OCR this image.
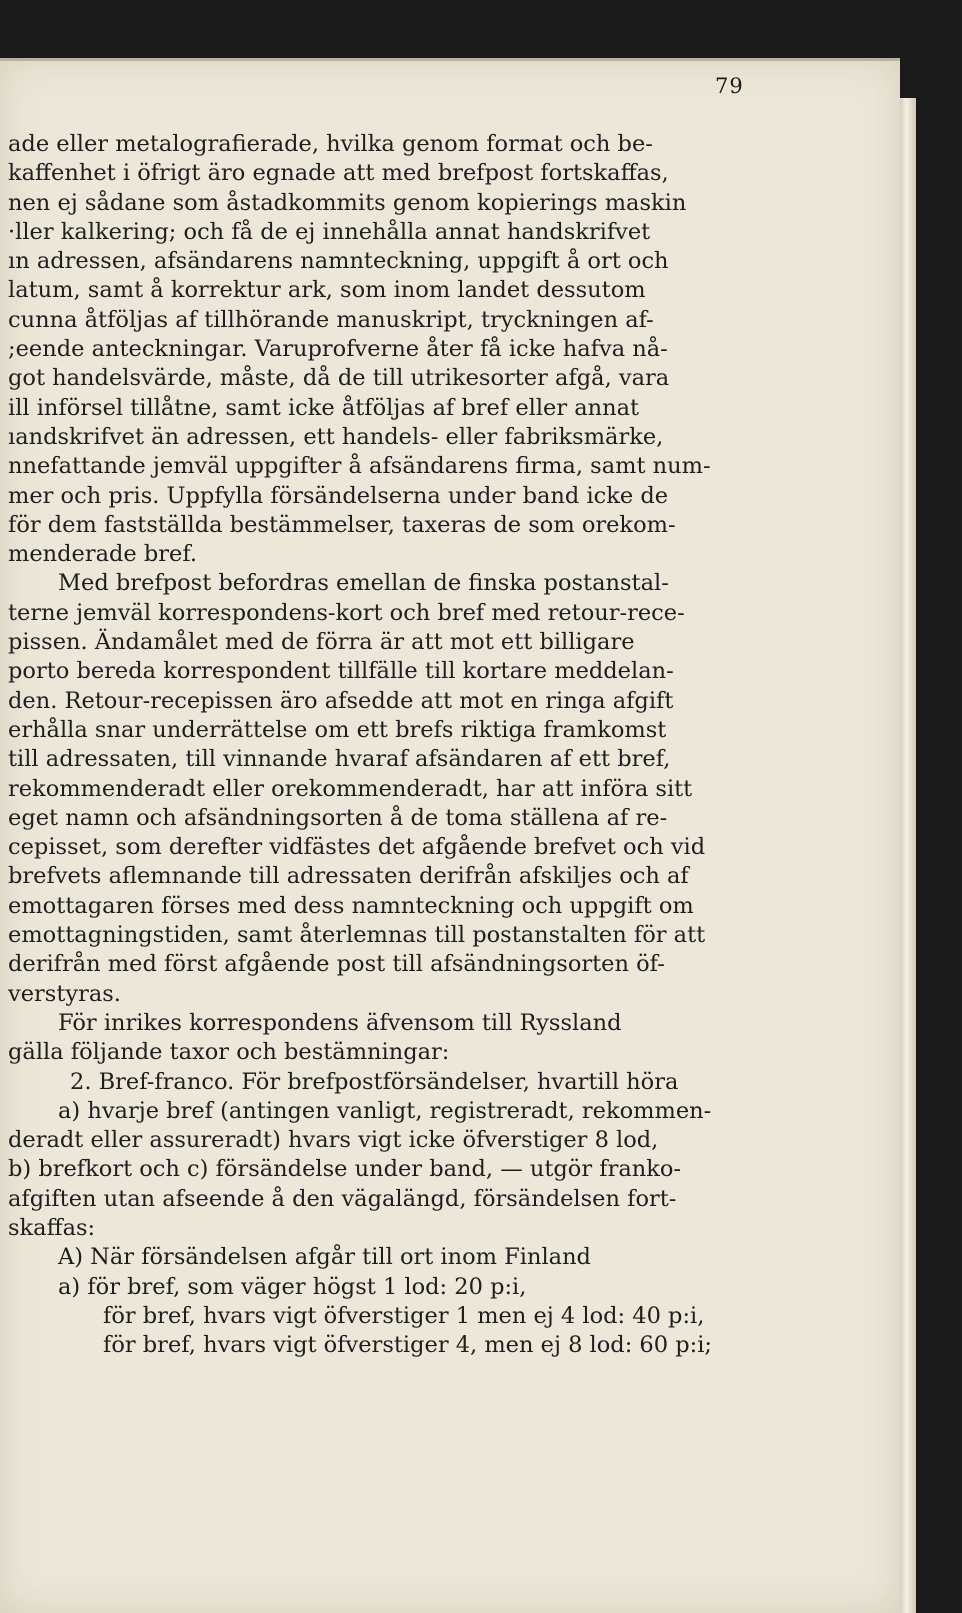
79
ade eller metalografierade, hvilka genom format och be-
kaffenhet i öfrigt äro egnade att med brefpost fortskaffas,
nen ej sådane som åstadkommits genom kopierings maskin
·ller kalkering; och få de ej innehålla annat handskrifvet
ın adressen, afsändarens namnteckning, uppgift å ort och
latum, samt å korrektur ark, som inom landet dessutom
cunna åtföljas af tillhörande manuskript, tryckningen af-
;eende anteckningar. Varuprofverne åter få icke hafva nå-
got handelsvärde, måste, då de till utrikesorter afgå, vara
ill införsel tillåtne, samt icke åtföljas af bref eller annat
ıandskrifvet än adressen, ett handels- eller fabriksmärke,
nnefattande jemväl uppgifter å afsändarens firma, samt num-
mer och pris. Uppfylla försändelserna under band icke de
för dem fastställda bestämmelser, taxeras de som orekom-
menderade bref.
Med brefpost befordras emellan de finska postanstal-
terne jemväl korrespondens-kort och bref med retour-rece-
pissen. Ändamålet med de förra är att mot ett billigare
porto bereda korrespondent tillfälle till kortare meddelan-
den. Retour-recepissen äro afsedde att mot en ringa afgift
erhålla snar underrättelse om ett brefs riktiga framkomst
till adressaten, till vinnande hvaraf afsändaren af ett bref,
rekommenderadt eller orekommenderadt, har att införa sitt
eget namn och afsändningsorten å de toma ställena af re-
cepisset, som derefter vidfästes det afgående brefvet och vid
brefvets aflemnande till adressaten derifrån afskiljes och af
emottagaren förses med dess namnteckning och uppgift om
emottagningstiden, samt återlemnas till postanstalten för att
derifrån med först afgående post till afsändningsorten öf-
verstyras.
För inrikes korrespondens äfvensom till Ryssland
gälla följande taxor och bestämningar:
2. Bref-franco. För brefpostförsändelser, hvartill höra
a) hvarje bref (antingen vanligt, registreradt, rekommen-
deradt eller assureradt) hvars vigt icke öfverstiger 8 lod,
b) brefkort och c) försändelse under band, — utgör franko-
afgiften utan afseende å den vägalängd, försändelsen fort-
skaffas:
A) När försändelsen afgår till ort inom Finland
a) för bref, som väger högst 1 lod: 20 p:i,
för bref, hvars vigt öfverstiger 1 men ej 4 lod: 40 p:i,
för bref, hvars vigt öfverstiger 4, men ej 8 lod: 60 p:i;
